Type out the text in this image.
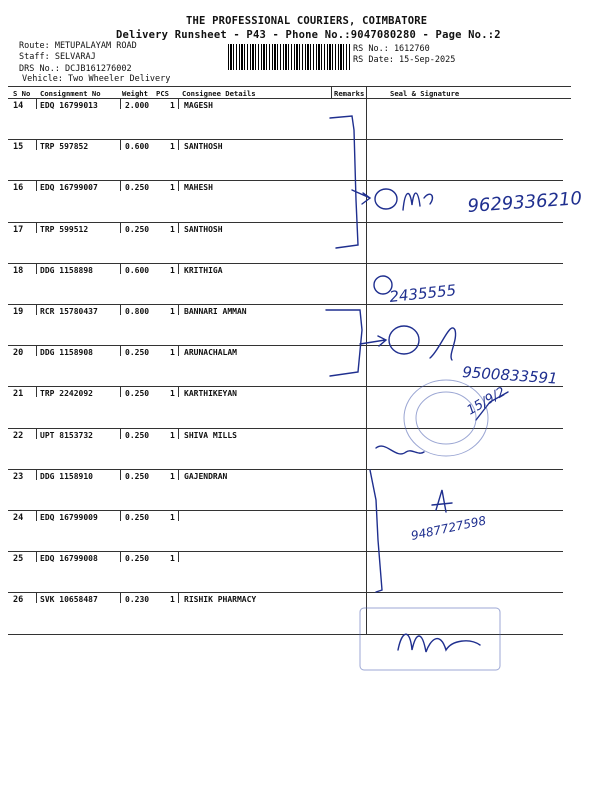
THE PROFESSIONAL COURIERS, COIMBATORE
Delivery Runsheet - P43 - Phone No.:9047080280 - Page No.:2
Route: METUPALAYAM ROAD
Staff: SELVARAJ
DRS No.: DCJB161276002
Vehicle: Two Wheeler Delivery
RS No.: 1612760
RS Date: 15-Sep-2025
S No Consignment No	Weight PCS Consignee Details	Remarks	Seal & Signature
14 EDQ 16799013	2.000	1 MAGESH
15 TRP 597852	0.600	1 SANTHOSH
16 EDQ 16799007	0.250	1 MAHESH
17 TRP 599512	0.250	1 SANTHOSH
18 DDG 1158898	0.600	1 KRITHIGA
19 RCR 15780437	0.800	1 BANNARI AMMAN
20 DDG 1158908	0.250	1 ARUNACHALAM
21 TRP 2242092	0.250	1 KARTHIKEYAN
22 UPT 8153732	0.250	1 SHIVA MILLS
23 DDG 1158910	0.250	1 GAJENDRAN
24 EDQ 16799009	0.250	1
25 EDQ 16799008	0.250	1
26 SVK 10658487	0.230	1 RISHIK PHARMACY
9629336210
2435555
9500833591
15/9/2
9487727598
